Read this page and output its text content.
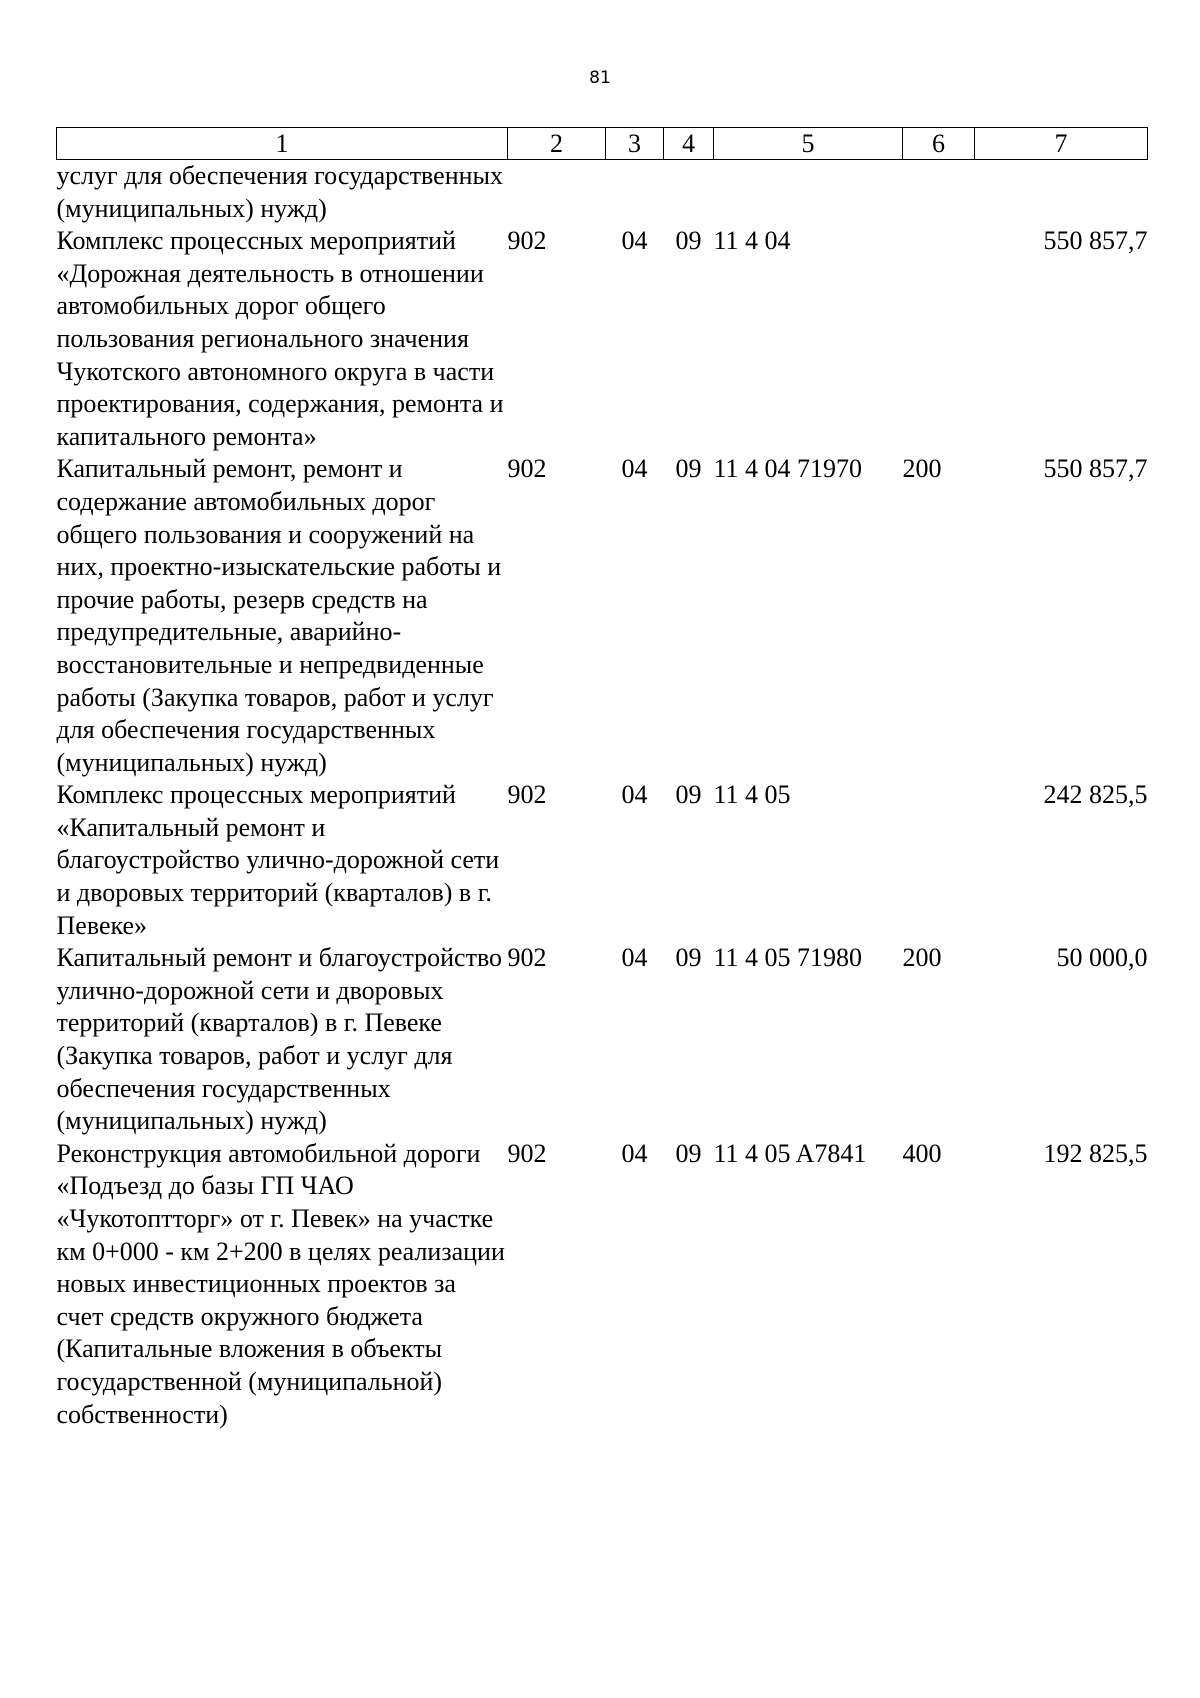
81
1	2	3	4	5	6	7
услуг для обеспечения государственных (муниципальных) нужд)						
Комплекс процессных мероприятий «Дорожная деятельность в отношении автомобильных дорог общего пользования регионального значения Чукотского автономного округа в части проектирования, содержания, ремонта и капитального ремонта»	902	04	09	11 4 04		550 857,7
Капитальный ремонт, ремонт и содержание автомобильных дорог общего пользования и сооружений на них, проектно-изыскательские работы и прочие работы, резерв средств на предупредительные, аварийно-восстановительные и непредвиденные работы (Закупка товаров, работ и услуг для обеспечения государственных (муниципальных) нужд)	902	04	09	11 4 04 71970	200	550 857,7
Комплекс процессных мероприятий «Капитальный ремонт и благоустройство улично-дорожной сети и дворовых территорий (кварталов) в г. Певеке»	902	04	09	11 4 05		242 825,5
Капитальный ремонт и благоустройство улично-дорожной сети и дворовых территорий (кварталов) в г. Певеке (Закупка товаров, работ и услуг для обеспечения государственных (муниципальных) нужд)	902	04	09	11 4 05 71980	200	50 000,0
Реконструкция автомобильной дороги «Подъезд до базы ГП ЧАО «Чукотоптторг» от г. Певек» на участке км 0+000 - км 2+200 в целях реализации новых инвестиционных проектов за счет средств окружного бюджета (Капитальные вложения в объекты государственной (муниципальной) собственности)	902	04	09	11 4 05 A7841	400	192 825,5
